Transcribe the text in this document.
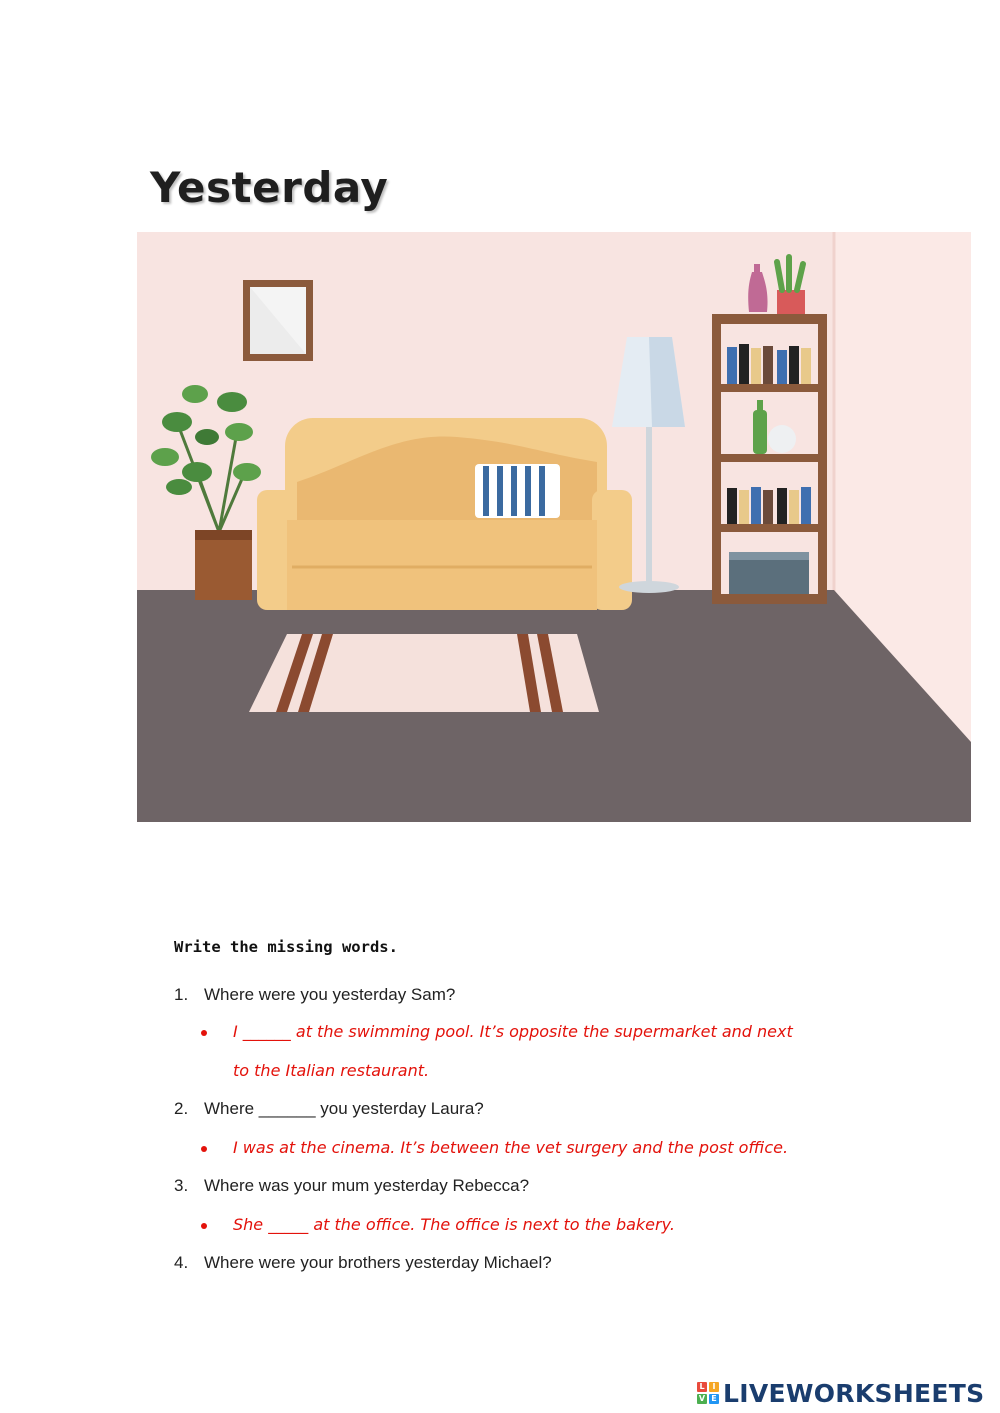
Yesterday
Write the missing words.
1. Where were you yesterday Sam?
I ______ at the swimming pool. It’s opposite the supermarket and next
to the Italian restaurant.
2. Where ______ you yesterday Laura?
I was at the cinema. It’s between the vet surgery and the post office.
3. Where was your mum yesterday Rebecca?
She _____ at the office. The office is next to the bakery.
4. Where were your brothers yesterday Michael?
L I
V E LIVEWORKSHEETS
